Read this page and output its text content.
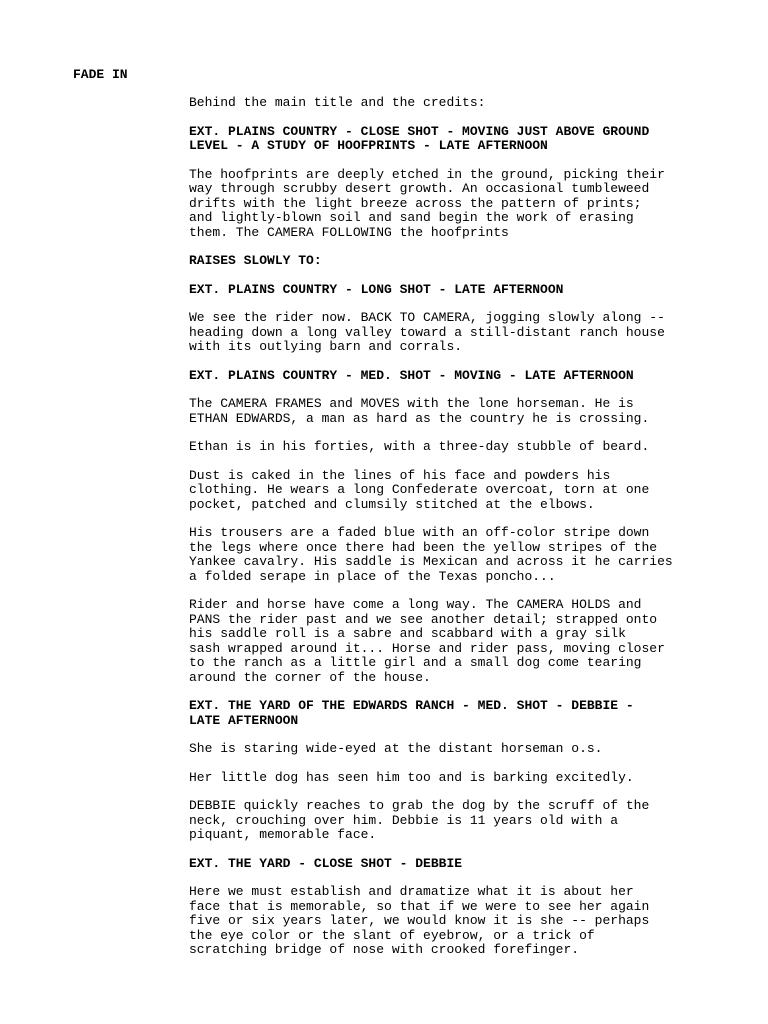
FADE IN
Behind the main title and the credits:
EXT. PLAINS COUNTRY - CLOSE SHOT - MOVING JUST ABOVE GROUND
LEVEL - A STUDY OF HOOFPRINTS - LATE AFTERNOON
The hoofprints are deeply etched in the ground, picking their
way through scrubby desert growth. An occasional tumbleweed
drifts with the light breeze across the pattern of prints;
and lightly-blown soil and sand begin the work of erasing
them. The CAMERA FOLLOWING the hoofprints
RAISES SLOWLY TO:
EXT. PLAINS COUNTRY - LONG SHOT - LATE AFTERNOON
We see the rider now. BACK TO CAMERA, jogging slowly along --
heading down a long valley toward a still-distant ranch house
with its outlying barn and corrals.
EXT. PLAINS COUNTRY - MED. SHOT - MOVING - LATE AFTERNOON
The CAMERA FRAMES and MOVES with the lone horseman. He is
ETHAN EDWARDS, a man as hard as the country he is crossing.
Ethan is in his forties, with a three-day stubble of beard.
Dust is caked in the lines of his face and powders his
clothing. He wears a long Confederate overcoat, torn at one
pocket, patched and clumsily stitched at the elbows.
His trousers are a faded blue with an off-color stripe down
the legs where once there had been the yellow stripes of the
Yankee cavalry. His saddle is Mexican and across it he carries
a folded serape in place of the Texas poncho...
Rider and horse have come a long way. The CAMERA HOLDS and
PANS the rider past and we see another detail; strapped onto
his saddle roll is a sabre and scabbard with a gray silk
sash wrapped around it... Horse and rider pass, moving closer
to the ranch as a little girl and a small dog come tearing
around the corner of the house.
EXT. THE YARD OF THE EDWARDS RANCH - MED. SHOT - DEBBIE -
LATE AFTERNOON
She is staring wide-eyed at the distant horseman o.s.
Her little dog has seen him too and is barking excitedly.
DEBBIE quickly reaches to grab the dog by the scruff of the
neck, crouching over him. Debbie is 11 years old with a
piquant, memorable face.
EXT. THE YARD - CLOSE SHOT - DEBBIE
Here we must establish and dramatize what it is about her
face that is memorable, so that if we were to see her again
five or six years later, we would know it is she -- perhaps
the eye color or the slant of eyebrow, or a trick of
scratching bridge of nose with crooked forefinger.
